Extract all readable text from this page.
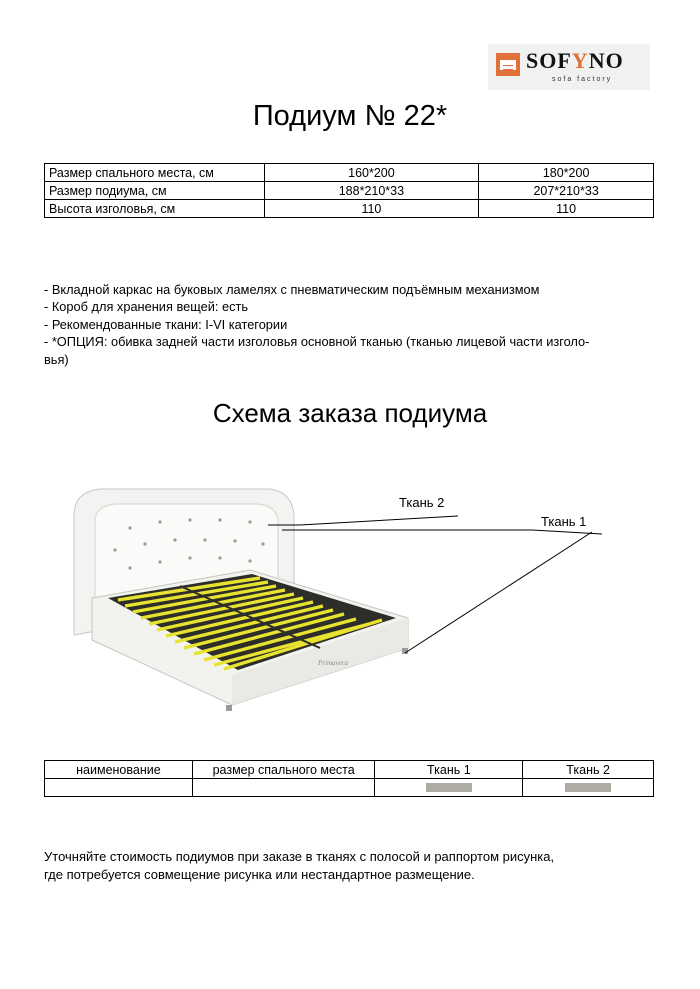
SOFYNO
sofa factory
Подиум № 22*
Размер спального места, см	160*200	180*200
Размер подиума, см	188*210*33	207*210*33
Высота изголовья, см	110	110
- Вкладной каркас на буковых ламелях с пневматическим подъёмным механизмом
- Короб для хранения вещей: есть
- Рекомендованные ткани: I-VI категории
- *ОПЦИЯ: обивка задней части изголовья основной тканью (тканью лицевой части изголо-
вья)
Схема заказа подиума
Primavera
Ткань 2
Ткань 1
наименование	размер спального места	Ткань 1	Ткань 2

Уточняйте стоимость подиумов при заказе в тканях с полосой и раппортом рисунка,
где потребуется совмещение рисунка или нестандартное размещение.
